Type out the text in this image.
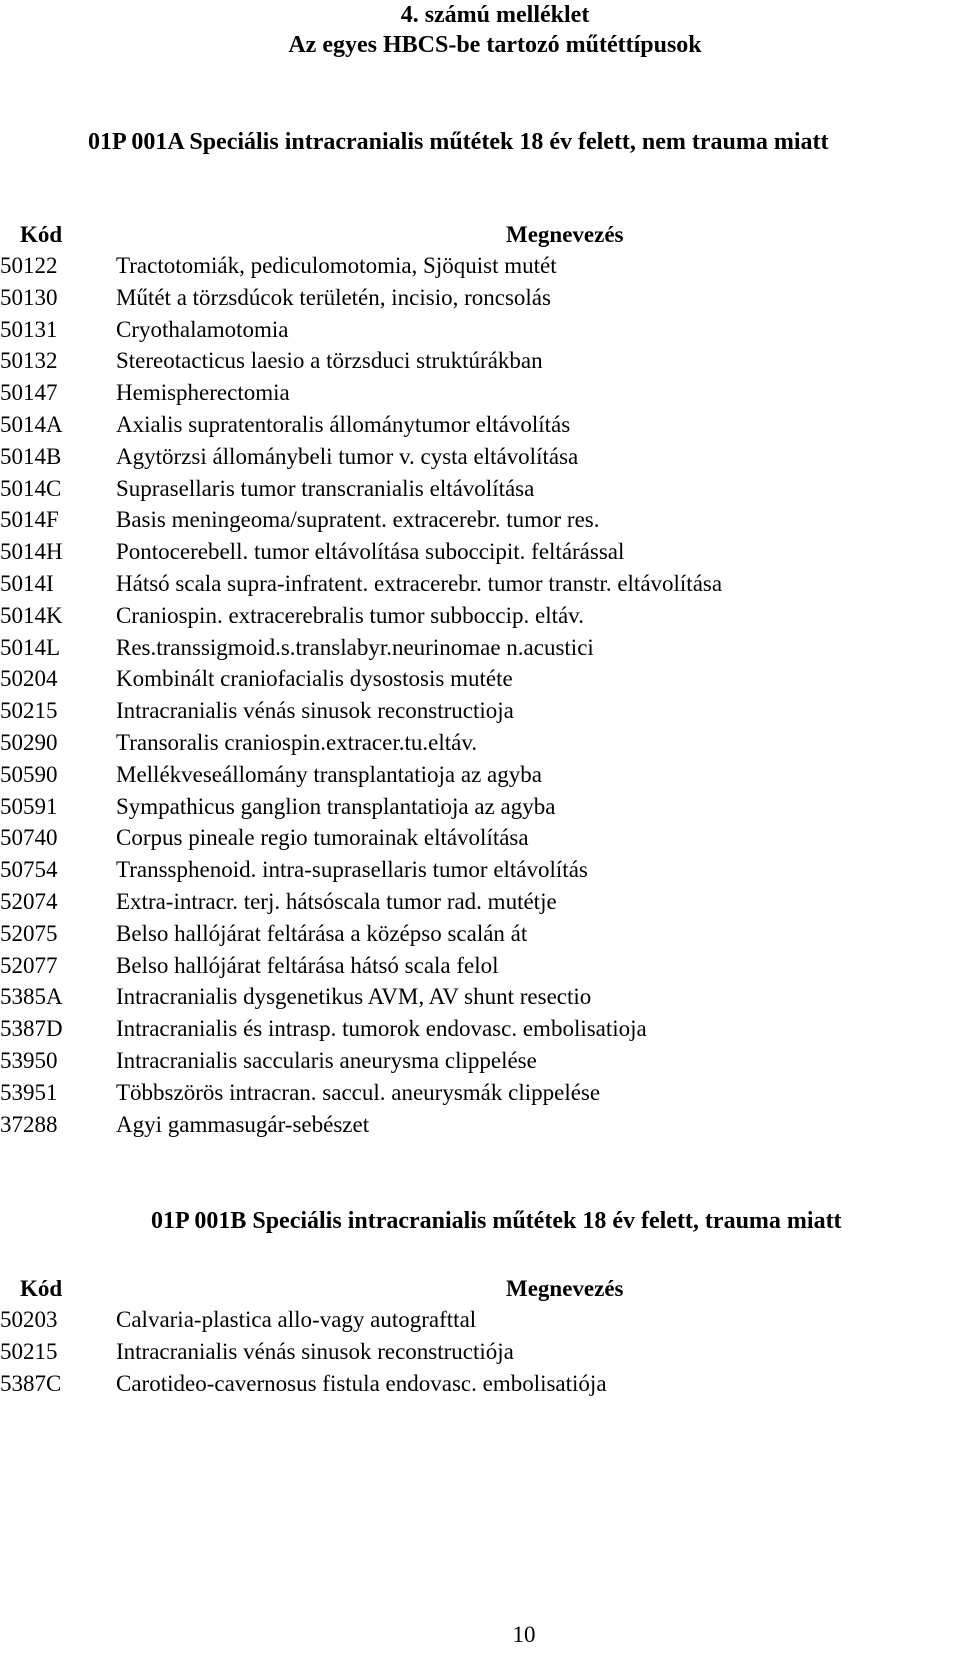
4. számú melléklet
Az egyes HBCS-be tartozó műtéttípusok
01P 001A Speciális intracranialis műtétek 18 év felett, nem trauma miatt
Kód	Megnevezés
50122	Tractotomiák, pediculomotomia, Sjöquist mutét
50130	Műtét a törzsdúcok területén, incisio, roncsolás
50131	Cryothalamotomia
50132	Stereotacticus laesio a törzsduci struktúrákban
50147	Hemispherectomia
5014A Axialis supratentoralis állománytumor eltávolítás
5014B Agytörzsi állománybeli tumor v. cysta eltávolítása
5014C Suprasellaris tumor transcranialis eltávolítása
5014F Basis meningeoma/supratent. extracerebr. tumor res.
5014H Pontocerebell. tumor eltávolítása suboccipit. feltárással
5014I	Hátsó scala supra-infratent. extracerebr. tumor transtr. eltávolítása
5014K Craniospin. extracerebralis tumor subboccip. eltáv.
5014L Res.transsigmoid.s.translabyr.neurinomae n.acustici
50204	Kombinált craniofacialis dysostosis mutéte
50215	Intracranialis vénás sinusok reconstructioja
50290	Transoralis craniospin.extracer.tu.eltáv.
50590	Mellékveseállomány transplantatioja az agyba
50591	Sympathicus ganglion transplantatioja az agyba
50740	Corpus pineale regio tumorainak eltávolítása
50754	Transsphenoid. intra-suprasellaris tumor eltávolítás
52074	Extra-intracr. terj. hátsóscala tumor rad. mutétje
52075	Belso hallójárat feltárása a középso scalán át
52077	Belso hallójárat feltárása hátsó scala felol
5385A Intracranialis dysgenetikus AVM, AV shunt resectio
5387D Intracranialis és intrasp. tumorok endovasc. embolisatioja
53950	Intracranialis saccularis aneurysma clippelése
53951	Többszörös intracran. saccul. aneurysmák clippelése
37288	Agyi gammasugár-sebészet
01P 001B Speciális intracranialis műtétek 18 év felett, trauma miatt
Kód	Megnevezés
50203	Calvaria-plastica allo-vagy autografttal
50215	Intracranialis vénás sinusok reconstructiója
5387C Carotideo-cavernosus fistula endovasc. embolisatiója
10
